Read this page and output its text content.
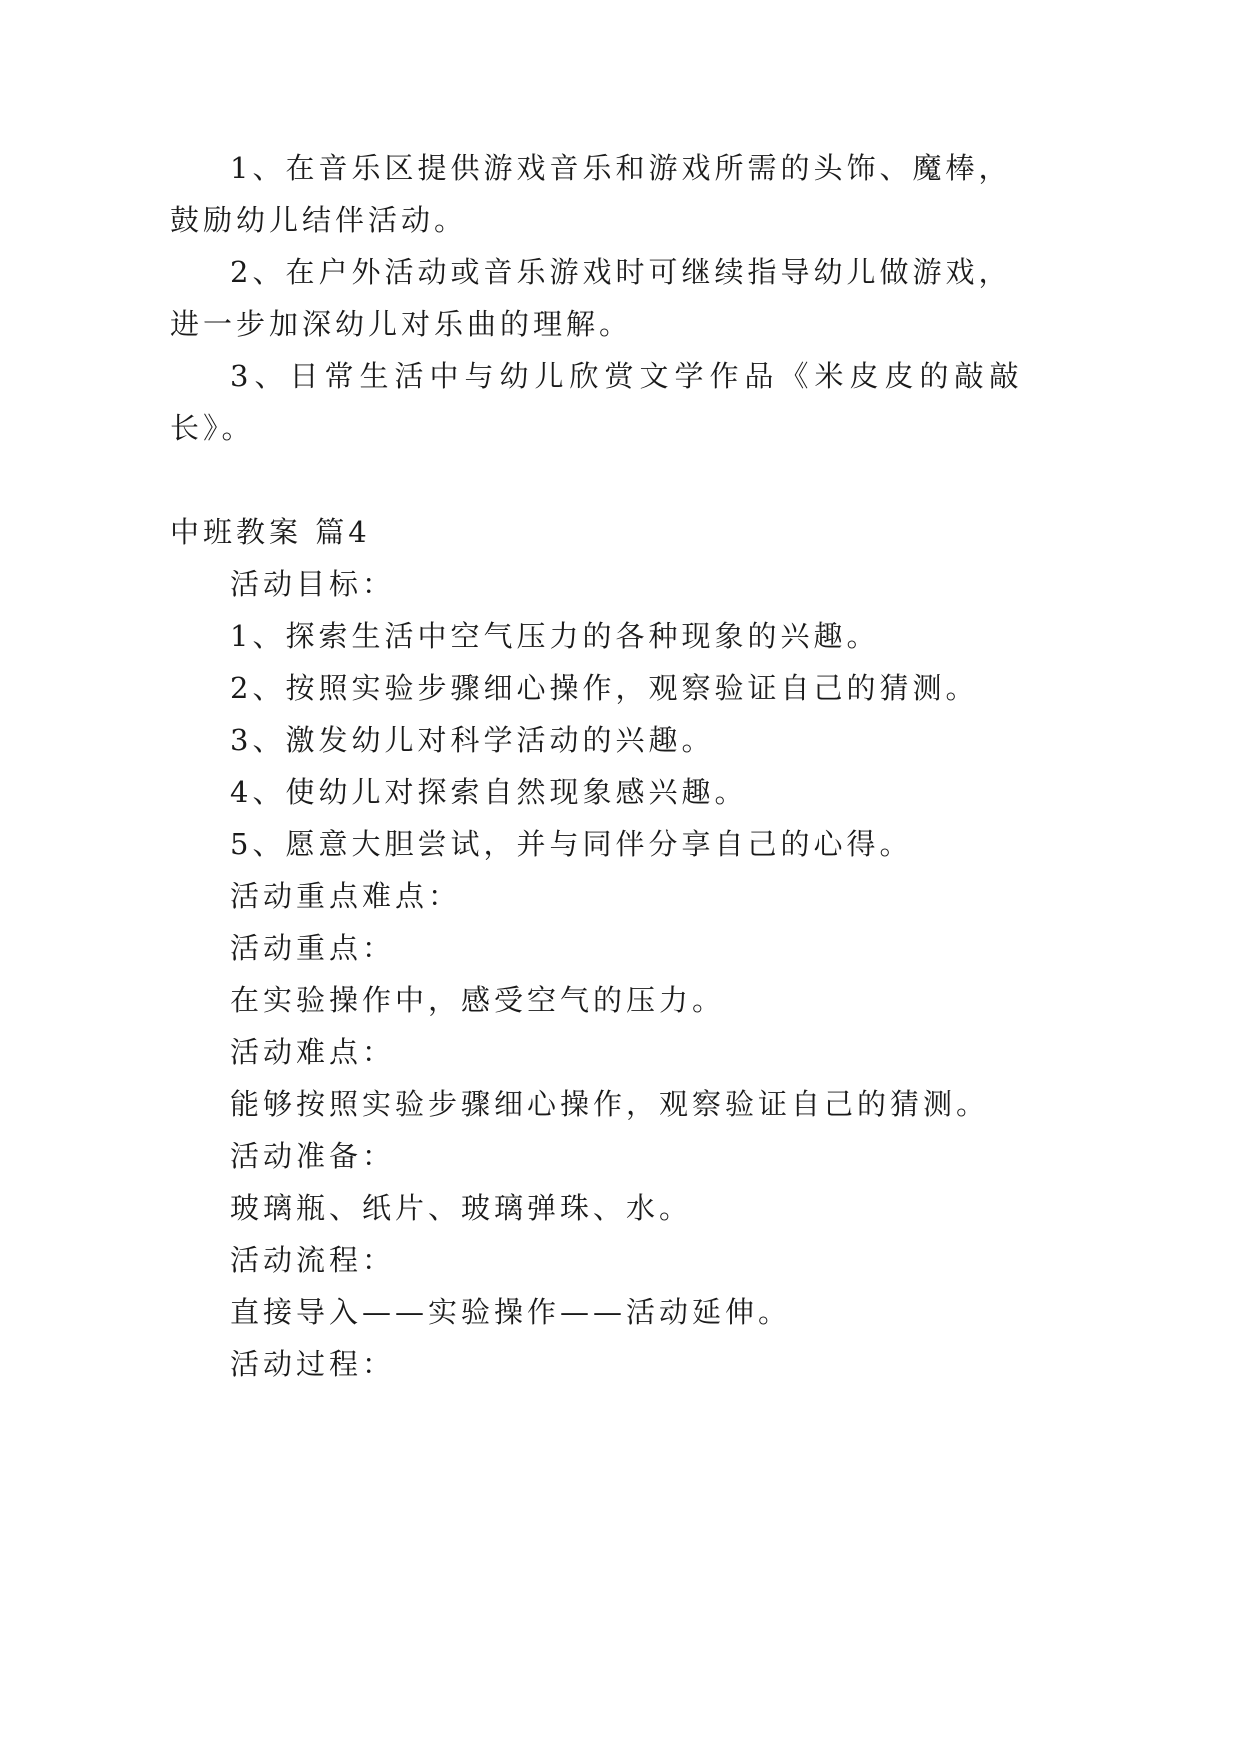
1、在音乐区提供游戏音乐和游戏所需的头饰、魔棒，
鼓励幼儿结伴活动。
2、在户外活动或音乐游戏时可继续指导幼儿做游戏，
进一步加深幼儿对乐曲的理解。
3、日常生活中与幼儿欣赏文学作品《米皮皮的敲敲
长》。
中班教案 篇4
活动目标：
1、探索生活中空气压力的各种现象的兴趣。
2、按照实验步骤细心操作，观察验证自己的猜测。
3、激发幼儿对科学活动的兴趣。
4、使幼儿对探索自然现象感兴趣。
5、愿意大胆尝试，并与同伴分享自己的心得。
活动重点难点：
活动重点：
在实验操作中，感受空气的压力。
活动难点：
能够按照实验步骤细心操作，观察验证自己的猜测。
活动准备：
玻璃瓶、纸片、玻璃弹珠、水。
活动流程：
直接导入——实验操作——活动延伸。
活动过程：
